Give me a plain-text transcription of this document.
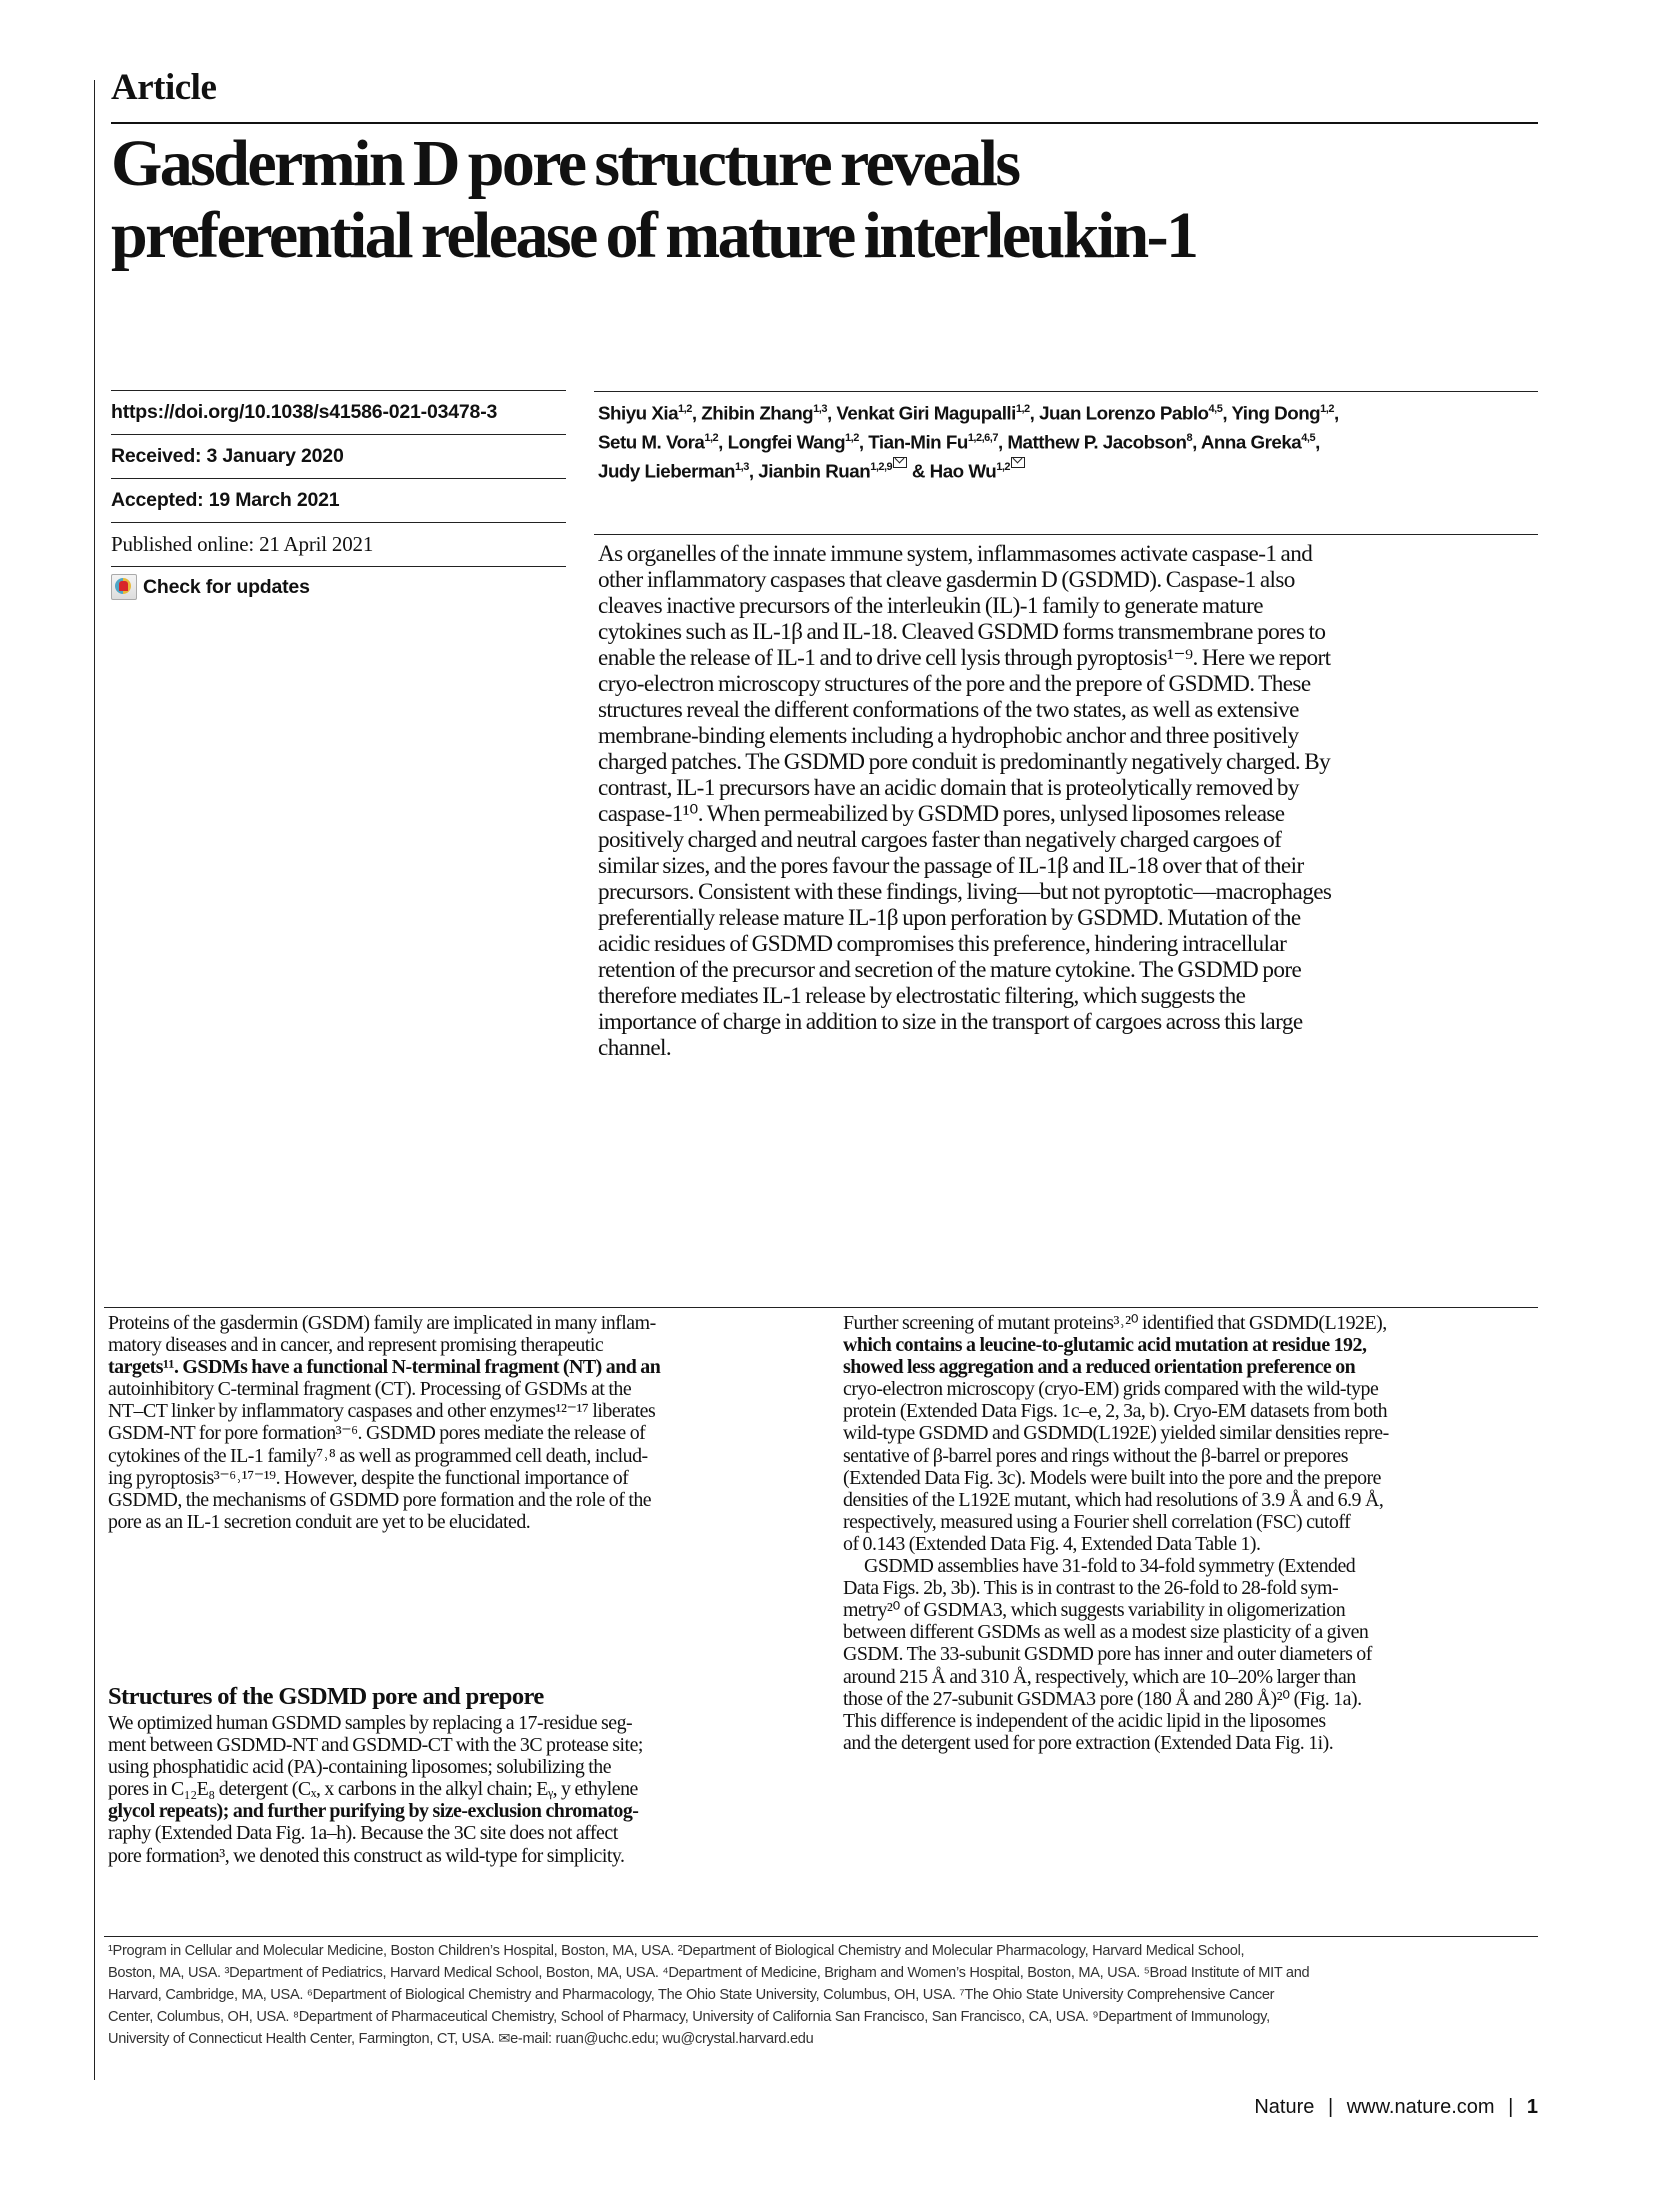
Article
Gasdermin D pore structure reveals
preferential release of mature interleukin-1
https://doi.org/10.1038/s41586-021-03478-3
Received: 3 January 2020
Accepted: 19 March 2021
Published online: 21 April 2021
Check for updates
Shiyu Xia$^{1,2}$, Zhibin Zhang$^{1,3}$, Venkat Giri Magupalli$^{1,2}$, Juan Lorenzo Pablo$^{4,5}$, Ying Dong$^{1,2}$,
Setu M. Vora$^{1,2}$, Longfei Wang$^{1,2}$, Tian-Min Fu$^{1,2,6,7}$, Matthew P. Jacobson$^8$, Anna Greka$^{4,5}$,
Judy Lieberman$^{1,3}$, Jianbin Ruan$^{1,2,9}$ & Hao Wu$^{1,2}$
As organelles of the innate immune system, inflammasomes activate caspase-1 and
other inflammatory caspases that cleave gasdermin D (GSDMD). Caspase-1 also
cleaves inactive precursors of the interleukin (IL)-1 family to generate mature
cytokines such as IL-1β and IL-18. Cleaved GSDMD forms transmembrane pores to
enable the release of IL-1 and to drive cell lysis through pyroptosis¹⁻⁹. Here we report
cryo-electron microscopy structures of the pore and the prepore of GSDMD. These
structures reveal the different conformations of the two states, as well as extensive
membrane-binding elements including a hydrophobic anchor and three positively
charged patches. The GSDMD pore conduit is predominantly negatively charged. By
contrast, IL-1 precursors have an acidic domain that is proteolytically removed by
caspase-1¹⁰. When permeabilized by GSDMD pores, unlysed liposomes release
positively charged and neutral cargoes faster than negatively charged cargoes of
similar sizes, and the pores favour the passage of IL-1β and IL-18 over that of their
precursors. Consistent with these findings, living—but not pyroptotic—macrophages
preferentially release mature IL-1β upon perforation by GSDMD. Mutation of the
acidic residues of GSDMD compromises this preference, hindering intracellular
retention of the precursor and secretion of the mature cytokine. The GSDMD pore
therefore mediates IL-1 release by electrostatic filtering, which suggests the
importance of charge in addition to size in the transport of cargoes across this large
channel.
Proteins of the gasdermin (GSDM) family are implicated in many inflam-
matory diseases and in cancer, and represent promising therapeutic
targets¹¹. GSDMs have a functional N-terminal fragment (NT) and an
autoinhibitory C-terminal fragment (CT). Processing of GSDMs at the
NT–CT linker by inflammatory caspases and other enzymes¹²⁻¹⁷ liberates
GSDM-NT for pore formation³⁻⁶. GSDMD pores mediate the release of
cytokines of the IL-1 family⁷˒⁸ as well as programmed cell death, includ-
ing pyroptosis³⁻⁶˒¹⁷⁻¹⁹. However, despite the functional importance of
GSDMD, the mechanisms of GSDMD pore formation and the role of the
pore as an IL-1 secretion conduit are yet to be elucidated.
Structures of the GSDMD pore and prepore
We optimized human GSDMD samples by replacing a 17-residue seg-
ment between GSDMD-NT and GSDMD-CT with the 3C protease site;
using phosphatidic acid (PA)-containing liposomes; solubilizing the
pores in C₁₂E₈ detergent (Cₓ, x carbons in the alkyl chain; Eᵧ, y ethylene
glycol repeats); and further purifying by size-exclusion chromatog-
raphy (Extended Data Fig. 1a–h). Because the 3C site does not affect
pore formation³, we denoted this construct as wild-type for simplicity.
Further screening of mutant proteins³˒²⁰ identified that GSDMD(L192E),
which contains a leucine-to-glutamic acid mutation at residue 192,
showed less aggregation and a reduced orientation preference on
cryo-electron microscopy (cryo-EM) grids compared with the wild-type
protein (Extended Data Figs. 1c–e, 2, 3a, b). Cryo-EM datasets from both
wild-type GSDMD and GSDMD(L192E) yielded similar densities repre-
sentative of β-barrel pores and rings without the β-barrel or prepores
(Extended Data Fig. 3c). Models were built into the pore and the prepore
densities of the L192E mutant, which had resolutions of 3.9 Å and 6.9 Å,
respectively, measured using a Fourier shell correlation (FSC) cutoff
of 0.143 (Extended Data Fig. 4, Extended Data Table 1).
GSDMD assemblies have 31-fold to 34-fold symmetry (Extended
Data Figs. 2b, 3b). This is in contrast to the 26-fold to 28-fold sym-
metry²⁰ of GSDMA3, which suggests variability in oligomerization
between different GSDMs as well as a modest size plasticity of a given
GSDM. The 33-subunit GSDMD pore has inner and outer diameters of
around 215 Å and 310 Å, respectively, which are 10–20% larger than
those of the 27-subunit GSDMA3 pore (180 Å and 280 Å)²⁰ (Fig. 1a).
This difference is independent of the acidic lipid in the liposomes
and the detergent used for pore extraction (Extended Data Fig. 1i).
¹Program in Cellular and Molecular Medicine, Boston Children’s Hospital, Boston, MA, USA. ²Department of Biological Chemistry and Molecular Pharmacology, Harvard Medical School,
Boston, MA, USA. ³Department of Pediatrics, Harvard Medical School, Boston, MA, USA. ⁴Department of Medicine, Brigham and Women’s Hospital, Boston, MA, USA. ⁵Broad Institute of MIT and
Harvard, Cambridge, MA, USA. ⁶Department of Biological Chemistry and Pharmacology, The Ohio State University, Columbus, OH, USA. ⁷The Ohio State University Comprehensive Cancer
Center, Columbus, OH, USA. ⁸Department of Pharmaceutical Chemistry, School of Pharmacy, University of California San Francisco, San Francisco, CA, USA. ⁹Department of Immunology,
University of Connecticut Health Center, Farmington, CT, USA. ✉e-mail: ruan@uchc.edu; wu@crystal.harvard.edu
Nature | www.nature.com | 1
